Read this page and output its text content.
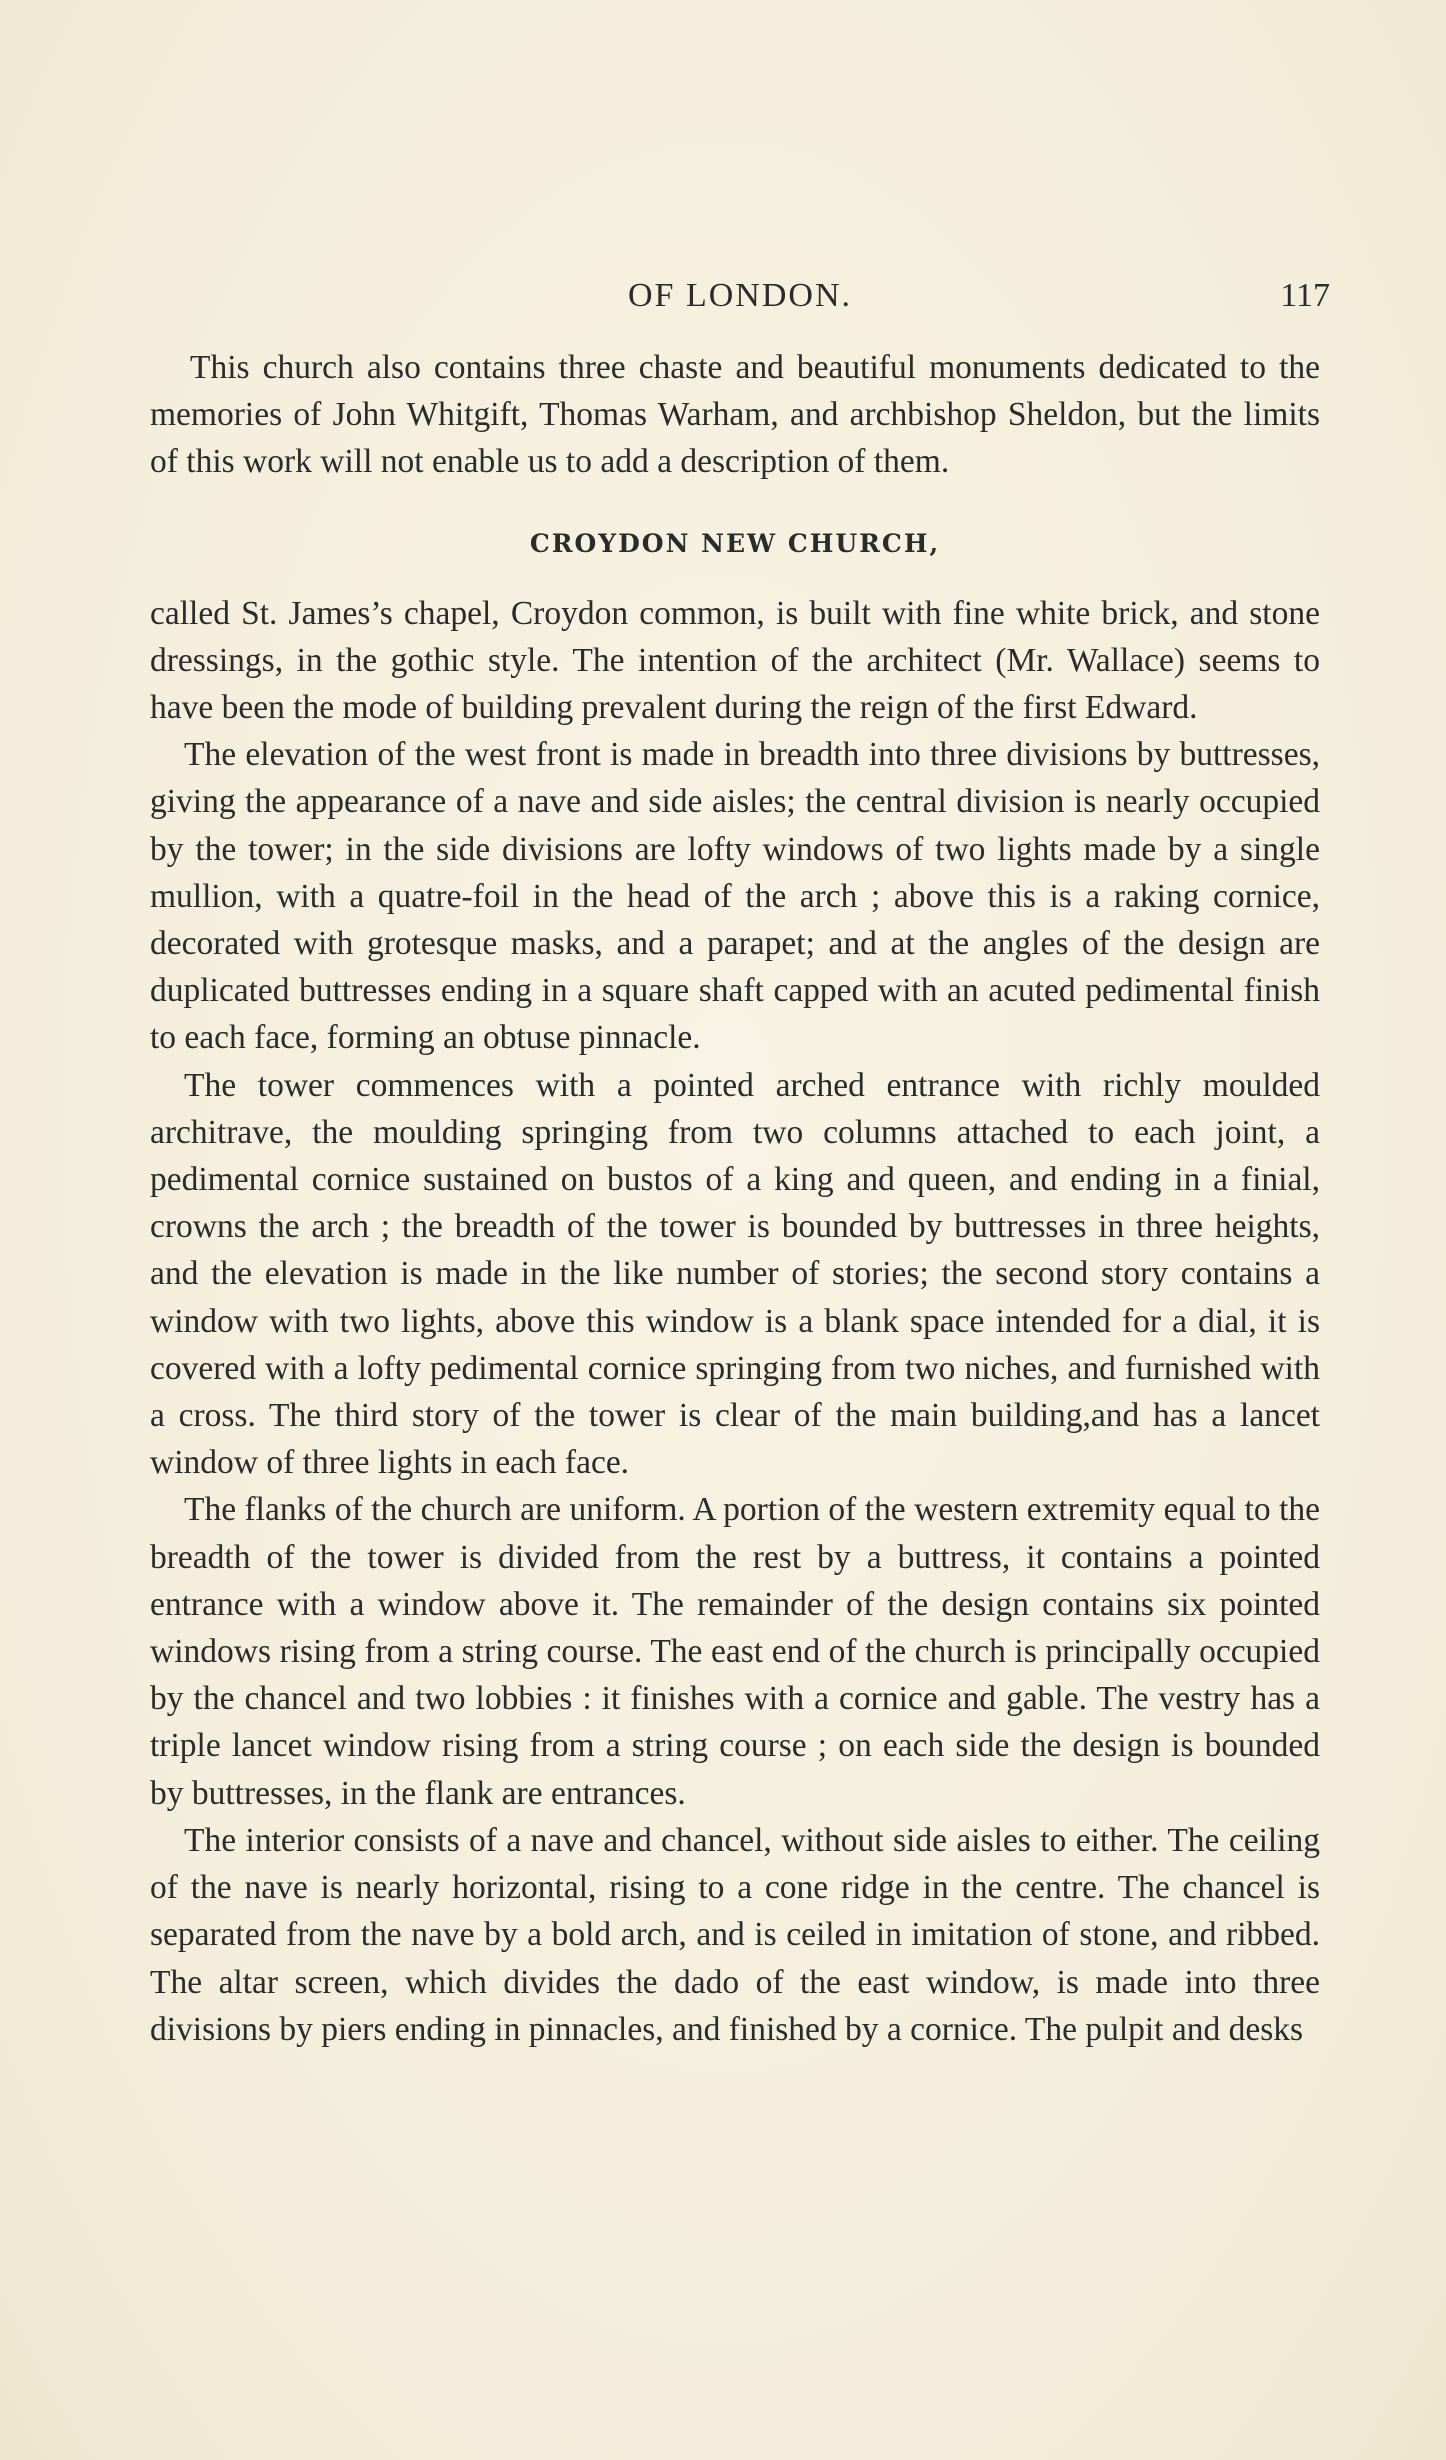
OF LONDON.	117

This church also contains three chaste and beautiful monuments dedicated to the memories of John Whitgift, Thomas Warham, and archbishop Sheldon, but the limits of this work will not enable us to add a description of them.

CROYDON NEW CHURCH,

called St. James’s chapel, Croydon common, is built with fine white brick, and stone dressings, in the gothic style. The intention of the architect (Mr. Wallace) seems to have been the mode of building prevalent during the reign of the first Edward.

The elevation of the west front is made in breadth into three divisions by buttresses, giving the appearance of a nave and side aisles; the central division is nearly occupied by the tower; in the side divisions are lofty windows of two lights made by a single mullion, with a quatre-foil in the head of the arch ; above this is a raking cornice, decorated with grotesque masks, and a parapet; and at the angles of the design are duplicated buttresses ending in a square shaft capped with an acuted pedimental finish to each face, forming an obtuse pinnacle.

The tower commences with a pointed arched entrance with richly moulded architrave, the moulding springing from two columns attached to each joint, a pedimental cornice sustained on bustos of a king and queen, and ending in a finial, crowns the arch ; the breadth of the tower is bounded by buttresses in three heights, and the elevation is made in the like number of stories; the second story contains a window with two lights, above this window is a blank space intended for a dial, it is covered with a lofty pedimental cornice springing from two niches, and furnished with a cross. The third story of the tower is clear of the main building,and has a lancet window of three lights in each face.

The flanks of the church are uniform. A portion of the western extremity equal to the breadth of the tower is divided from the rest by a buttress, it contains a pointed entrance with a window above it. The remainder of the design contains six pointed windows rising from a string course. The east end of the church is principally occupied by the chancel and two lobbies : it finishes with a cornice and gable. The vestry has a triple lancet window rising from a string course ; on each side the design is bounded by buttresses, in the flank are entrances.

The interior consists of a nave and chancel, without side aisles to either. The ceiling of the nave is nearly horizontal, rising to a cone ridge in the centre. The chancel is separated from the nave by a bold arch, and is ceiled in imitation of stone, and ribbed. The altar screen, which divides the dado of the east window, is made into three divisions by piers ending in pinnacles, and finished by a cornice. The pulpit and desks
